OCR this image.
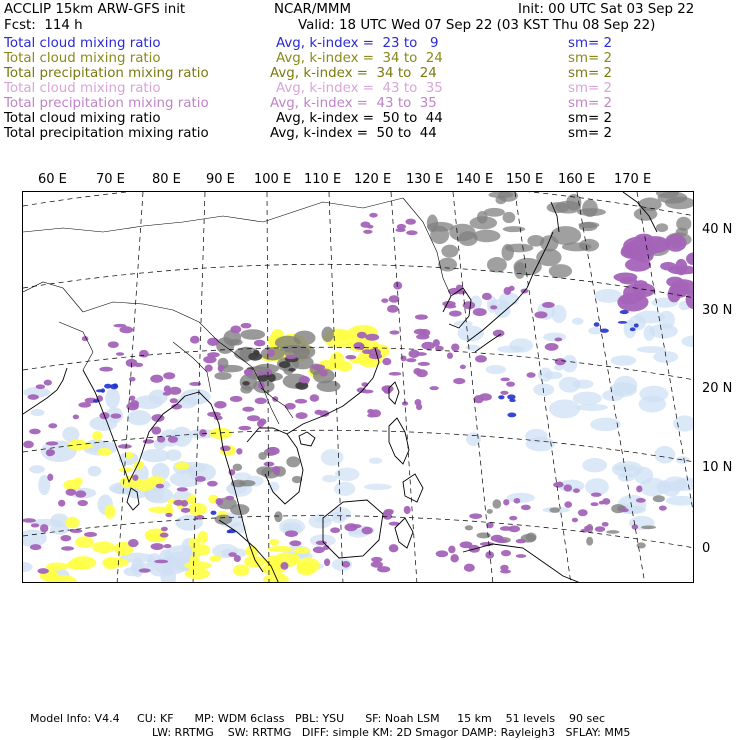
ACCLIP 15km ARW-GFS init	NCAR/MMM	Init: 00 UTC Sat 03 Sep 22
Fcst:  114 h	Valid: 18 UTC Wed 07 Sep 22 (03 KST Thu 08 Sep 22)
Total cloud mixing ratio	Avg, k-index =  23 to   9	sm= 2
Total cloud mixing ratio	Avg, k-index =  34 to  24	sm= 2
Total precipitation mixing ratio	Avg, k-index =  34 to  24	sm= 2
Total cloud mixing ratio	Avg, k-index =  43 to  35	sm= 2
Total precipitation mixing ratio	Avg, k-index =  43 to  35	sm= 2
Total cloud mixing ratio	Avg, k-index =  50 to  44	sm= 2
Total precipitation mixing ratio	Avg, k-index =  50 to  44	sm= 2
60 E 70 E 80 E 90 E 100 E 110 E 120 E 130 E 140 E 150 E 160 E 170 E
40 N
30 N
20 N
10 N
0
Model Info: V4.4     CU: KF      MP: WDM 6class   PBL: YSU      SF: Noah LSM     15 km    51 levels    90 sec
LW: RRTMG    SW: RRTMG   DIFF: simple KM: 2D Smagor DAMP: Rayleigh3   SFLAY: MM5
